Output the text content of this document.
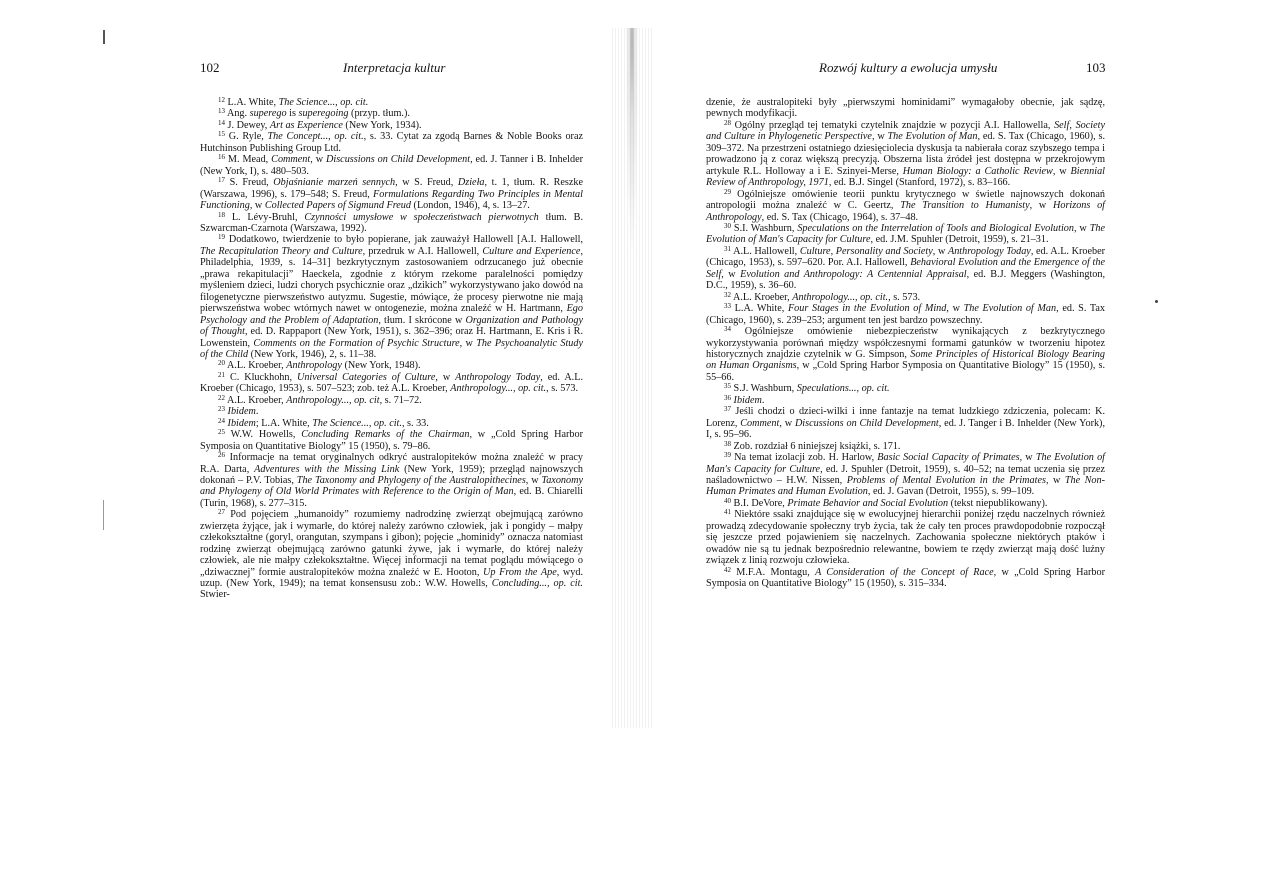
102	Interpretacja kultur

$^{12}$ L.A. White, The Science..., op. cit.

$^{13}$ Ang. superego is superegoing (przyp. tłum.).

$^{14}$ J. Dewey, Art as Experience (New York, 1934).

$^{15}$ G. Ryle, The Concept..., op. cit., s. 33. Cytat za zgodą Barnes & Noble Books oraz Hutchinson Publishing Group Ltd.

$^{16}$ M. Mead, Comment, w Discussions on Child Development, ed. J. Tanner i B. Inhelder (New York, I), s. 480–503.

$^{17}$ S. Freud, Objaśnianie marzeń sennych, w S. Freud, Dzieła, t. 1, tłum. R. Reszke (Warszawa, 1996), s. 179–548; S. Freud, Formulations Regarding Two Principles in Mental Functioning, w Collected Papers of Sigmund Freud (London, 1946), 4, s. 13–27.

$^{18}$ L. Lévy-Bruhl, Czynności umysłowe w społeczeństwach pierwotnych tłum. B. Szwarcman-Czarnota (Warszawa, 1992).

$^{19}$ Dodatkowo, twierdzenie to było popierane, jak zauważył Hallowell [A.I. Hallowell, The Recapitulation Theory and Culture, przedruk w A.I. Hallowell, Culture and Experience, Philadelphia, 1939, s. 14–31] bezkrytycznym zastosowaniem odrzucanego już obecnie „prawa rekapitulacji” Haeckela, zgodnie z którym rzekome paralelności pomiędzy myśleniem dzieci, ludzi chorych psychicznie oraz „dzikich” wykorzystywano jako dowód na filogenetyczne pierwszeństwo autyzmu. Sugestie, mówiące, że procesy pierwotne nie mają pierwszeństwa wobec wtórnych nawet w ontogenezie, można znaleźć w H. Hartmann, Ego Psychology and the Problem of Adaptation, tłum. I skrócone w Organization and Pathology of Thought, ed. D. Rappaport (New York, 1951), s. 362–396; oraz H. Hartmann, E. Kris i R. Lowenstein, Comments on the Formation of Psychic Structure, w The Psychoanalytic Study of the Child (New York, 1946), 2, s. 11–38.

$^{20}$ A.L. Kroeber, Anthropology (New York, 1948).

$^{21}$ C. Kluckhohn, Universal Categories of Culture, w Anthropology Today, ed. A.L. Kroeber (Chicago, 1953), s. 507–523; zob. też A.L. Kroeber, Anthropology..., op. cit., s. 573.

$^{22}$ A.L. Kroeber, Anthropology..., op. cit, s. 71–72.

$^{23}$ Ibidem.

$^{24}$ Ibidem; L.A. White, The Science..., op. cit., s. 33.

$^{25}$ W.W. Howells, Concluding Remarks of the Chairman, w „Cold Spring Harbor Symposia on Quantitative Biology” 15 (1950), s. 79–86.

$^{26}$ Informacje na temat oryginalnych odkryć australopiteków można znaleźć w pracy R.A. Darta, Adventures with the Missing Link (New York, 1959); przegląd najnowszych dokonań – P.V. Tobias, The Taxonomy and Phylogeny of the Australopithecines, w Taxonomy and Phylogeny of Old World Primates with Reference to the Origin of Man, ed. B. Chiarelli (Turin, 1968), s. 277–315.

$^{27}$ Pod pojęciem „humanoidy” rozumiemy nadrodzinę zwierząt obejmującą zarówno zwierzęta żyjące, jak i wymarłe, do której należy zarówno człowiek, jak i pongidy – małpy człekokształtne (goryl, orangutan, szympans i gibon); pojęcie „hominidy” oznacza natomiast rodzinę zwierząt obejmującą zarówno gatunki żywe, jak i wymarłe, do której należy człowiek, ale nie małpy człekokształtne. Więcej informacji na temat poglądu mówiącego o „dziwacznej” formie australopiteków można znaleźć w E. Hooton, Up From the Ape, wyd. uzup. (New York, 1949); na temat konsensusu zob.: W.W. Howells, Concluding..., op. cit. Stwier-

Rozwój kultury a ewolucja umysłu	103

dzenie, że australopiteki były „pierwszymi hominidami” wymagałoby obecnie, jak sądzę, pewnych modyfikacji.

$^{28}$ Ogólny przegląd tej tematyki czytelnik znajdzie w pozycji A.I. Hallowella, Self, Society and Culture in Phylogenetic Perspective, w The Evolution of Man, ed. S. Tax (Chicago, 1960), s. 309–372. Na przestrzeni ostatniego dziesięciolecia dyskusja ta nabierała coraz szybszego tempa i prowadzono ją z coraz większą precyzją. Obszerna lista źródeł jest dostępna w przekrojowym artykule R.L. Holloway a i E. Szinyei-Merse, Human Biology: a Catholic Review, w Biennial Review of Anthropology, 1971, ed. B.J. Singel (Stanford, 1972), s. 83–166.

$^{29}$ Ogólniejsze omówienie teorii punktu krytycznego w świetle najnowszych dokonań antropologii można znaleźć w C. Geertz, The Transition to Humanisty, w Horizons of Anthropology, ed. S. Tax (Chicago, 1964), s. 37–48.

$^{30}$ S.I. Washburn, Speculations on the Interrelation of Tools and Biological Evolution, w The Evolution of Man's Capacity for Culture, ed. J.M. Spuhler (Detroit, 1959), s. 21–31.

$^{31}$ A.L. Hallowell, Culture, Personality and Society, w Anthropology Today, ed. A.L. Kroeber (Chicago, 1953), s. 597–620. Por. A.I. Hallowell, Behavioral Evolution and the Emergence of the Self, w Evolution and Anthropology: A Centennial Appraisal, ed. B.J. Meggers (Washington, D.C., 1959), s. 36–60.

$^{32}$ A.L. Kroeber, Anthropology..., op. cit., s. 573.

$^{33}$ L.A. White, Four Stages in the Evolution of Mind, w The Evolution of Man, ed. S. Tax (Chicago, 1960), s. 239–253; argument ten jest bardzo powszechny.

$^{34}$ Ogólniejsze omówienie niebezpieczeństw wynikających z bezkrytycznego wykorzystywania porównań między współczesnymi formami gatunków w tworzeniu hipotez historycznych znajdzie czytelnik w G. Simpson, Some Principles of Historical Biology Bearing on Human Organisms, w „Cold Spring Harbor Symposia on Quantitative Biology” 15 (1950), s. 55–66.

$^{35}$ S.J. Washburn, Speculations..., op. cit.

$^{36}$ Ibidem.

$^{37}$ Jeśli chodzi o dzieci-wilki i inne fantazje na temat ludzkiego zdziczenia, polecam: K. Lorenz, Comment, w Discussions on Child Development, ed. J. Tanger i B. Inhelder (New York), I, s. 95–96.

$^{38}$ Zob. rozdział 6 niniejszej książki, s. 171.

$^{39}$ Na temat izolacji zob. H. Harlow, Basic Social Capacity of Primates, w The Evolution of Man's Capacity for Culture, ed. J. Spuhler (Detroit, 1959), s. 40–52; na temat uczenia się przez naśladownictwo – H.W. Nissen, Problems of Mental Evolution in the Primates, w The Non-Human Primates and Human Evolution, ed. J. Gavan (Detroit, 1955), s. 99–109.

$^{40}$ B.I. DeVore, Primate Behavior and Social Evolution (tekst niepublikowany).

$^{41}$ Niektóre ssaki znajdujące się w ewolucyjnej hierarchii poniżej rzędu naczelnych również prowadzą zdecydowanie społeczny tryb życia, tak że cały ten proces prawdopodobnie rozpoczął się jeszcze przed pojawieniem się naczelnych. Zachowania społeczne niektórych ptaków i owadów nie są tu jednak bezpośrednio relewantne, bowiem te rzędy zwierząt mają dość luźny związek z linią rozwoju człowieka.

$^{42}$ M.F.A. Montagu, A Consideration of the Concept of Race, w „Cold Spring Harbor Symposia on Quantitative Biology” 15 (1950), s. 315–334.
